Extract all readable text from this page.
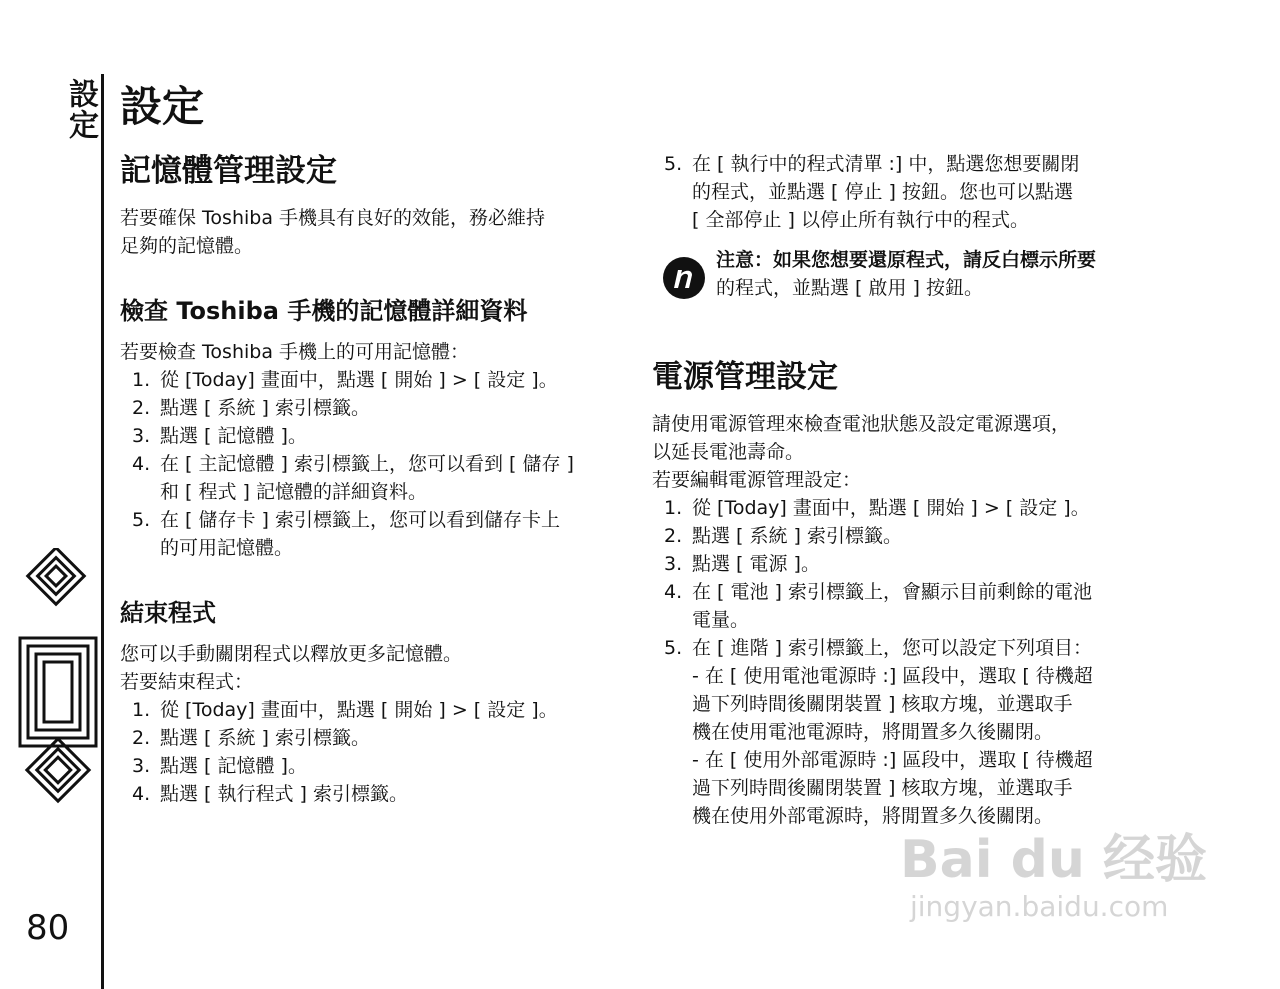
設定
80
設定
記憶體管理設定

若要確保 Toshiba 手機具有良好的效能，務必維持

足夠的記憶體。

檢查 Toshiba 手機的記憶體詳細資料

若要檢查 Toshiba 手機上的可用記憶體：

1. 從 [Today] 畫面中，點選 [ 開始 ] > [ 設定 ]。
2. 點選 [ 系統 ] 索引標籤。
3. 點選 [ 記憶體 ]。
4. 在 [ 主記憶體 ] 索引標籤上，您可以看到 [ 儲存 ]
和 [ 程式 ] 記憶體的詳細資料。
5. 在 [ 儲存卡 ] 索引標籤上，您可以看到儲存卡上
的可用記憶體。
結束程式

您可以手動關閉程式以釋放更多記憶體。

若要結束程式：

1. 從 [Today] 畫面中，點選 [ 開始 ] > [ 設定 ]。
2. 點選 [ 系統 ] 索引標籤。
3. 點選 [ 記憶體 ]。
4. 點選 [ 執行程式 ] 索引標籤。
5. 在 [ 執行中的程式清單 :] 中，點選您想要關閉
的程式，並點選 [ 停止 ] 按鈕。您也可以點選
[ 全部停止 ] 以停止所有執行中的程式。

注意：如果您想要還原程式，請反白標示所要

的程式，並點選 [ 啟用 ] 按鈕。

電源管理設定

請使用電源管理來檢查電池狀態及設定電源選項，

以延長電池壽命。

若要編輯電源管理設定：

1. 從 [Today] 畫面中，點選 [ 開始 ] > [ 設定 ]。
2. 點選 [ 系統 ] 索引標籤。
3. 點選 [ 電源 ]。
4. 在 [ 電池 ] 索引標籤上，會顯示目前剩餘的電池
電量。
5. 在 [ 進階 ] 索引標籤上，您可以設定下列項目：
- 在 [ 使用電池電源時 :] 區段中，選取 [ 待機超
過下列時間後關閉裝置 ] 核取方塊，並選取手
機在使用電池電源時，將閒置多久後關閉。
- 在 [ 使用外部電源時 :] 區段中，選取 [ 待機超
過下列時間後關閉裝置 ] 核取方塊，並選取手
機在使用外部電源時，將閒置多久後關閉。
Bai du 经验
jingyan.baidu.com
